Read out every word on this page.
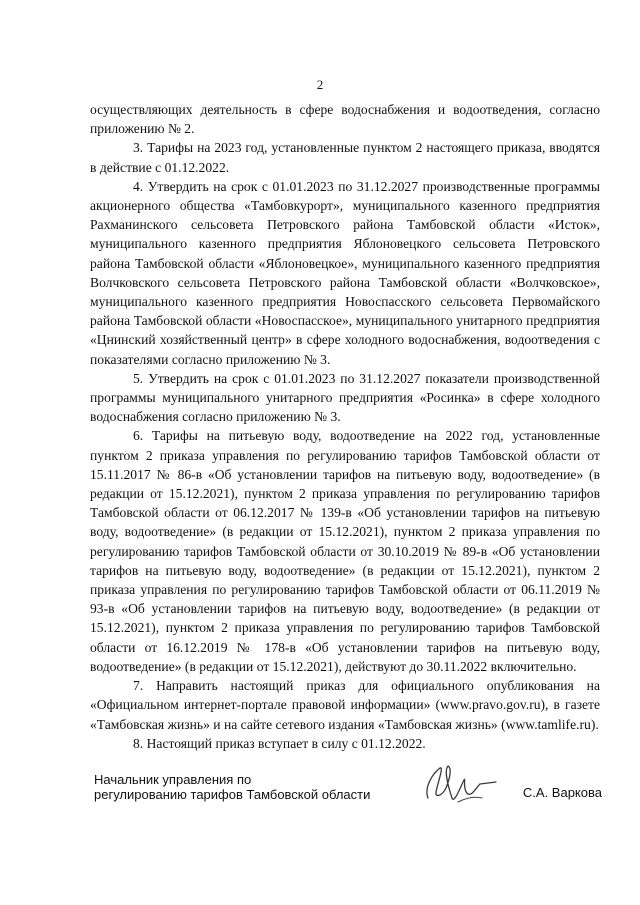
2

осуществляющих деятельность в сфере водоснабжения и водоотведения, согласно приложению № 2.

3. Тарифы на 2023 год, установленные пунктом 2 настоящего приказа, вводятся в действие с 01.12.2022.

4. Утвердить на срок с 01.01.2023 по 31.12.2027 производственные программы акционерного общества «Тамбовкурорт», муниципального казенного предприятия Рахманинского сельсовета Петровского района Тамбовской области «Исток», муниципального казенного предприятия Яблоновецкого сельсовета Петровского района Тамбовской области «Яблоновецкое», муниципального казенного предприятия Волчковского сельсовета Петровского района Тамбовской области «Волчковское», муниципального казенного предприятия Новоспасского сельсовета Первомайского района Тамбовской области «Новоспасское», муниципального унитарного предприятия «Цнинский хозяйственный центр» в сфере холодного водоснабжения, водоотведения с показателями согласно приложению № 3.

5. Утвердить на срок с 01.01.2023 по 31.12.2027 показатели производственной программы муниципального унитарного предприятия «Росинка» в сфере холодного водоснабжения согласно приложению № 3.

6. Тарифы на питьевую воду, водоотведение на 2022 год, установленные пунктом 2 приказа управления по регулированию тарифов Тамбовской области от 15.11.2017 № 86-в «Об установлении тарифов на питьевую воду, водоотведение» (в редакции от 15.12.2021), пунктом 2 приказа управления по регулированию тарифов Тамбовской области от 06.12.2017 № 139-в «Об установлении тарифов на питьевую воду, водоотведение» (в редакции от 15.12.2021), пунктом 2 приказа управления по регулированию тарифов Тамбовской области от 30.10.2019 № 89-в «Об установлении тарифов на питьевую воду, водоотведение» (в редакции от 15.12.2021), пунктом 2 приказа управления по регулированию тарифов Тамбовской области от 06.11.2019 № 93-в «Об установлении тарифов на питьевую воду, водоотведение» (в редакции от 15.12.2021), пунктом 2 приказа управления по регулированию тарифов Тамбовской области от 16.12.2019 № 178-в «Об установлении тарифов на питьевую воду, водоотведение» (в редакции от 15.12.2021), действуют до 30.11.2022 включительно.

7. Направить настоящий приказ для официального опубликования на «Официальном интернет-портале правовой информации» (www.pravo.gov.ru), в газете «Тамбовская жизнь» и на сайте сетевого издания «Тамбовская жизнь» (www.tamlife.ru).

8. Настоящий приказ вступает в силу с 01.12.2022.

Начальник управления по
регулированию тарифов Тамбовской области	С.А. Варкова
